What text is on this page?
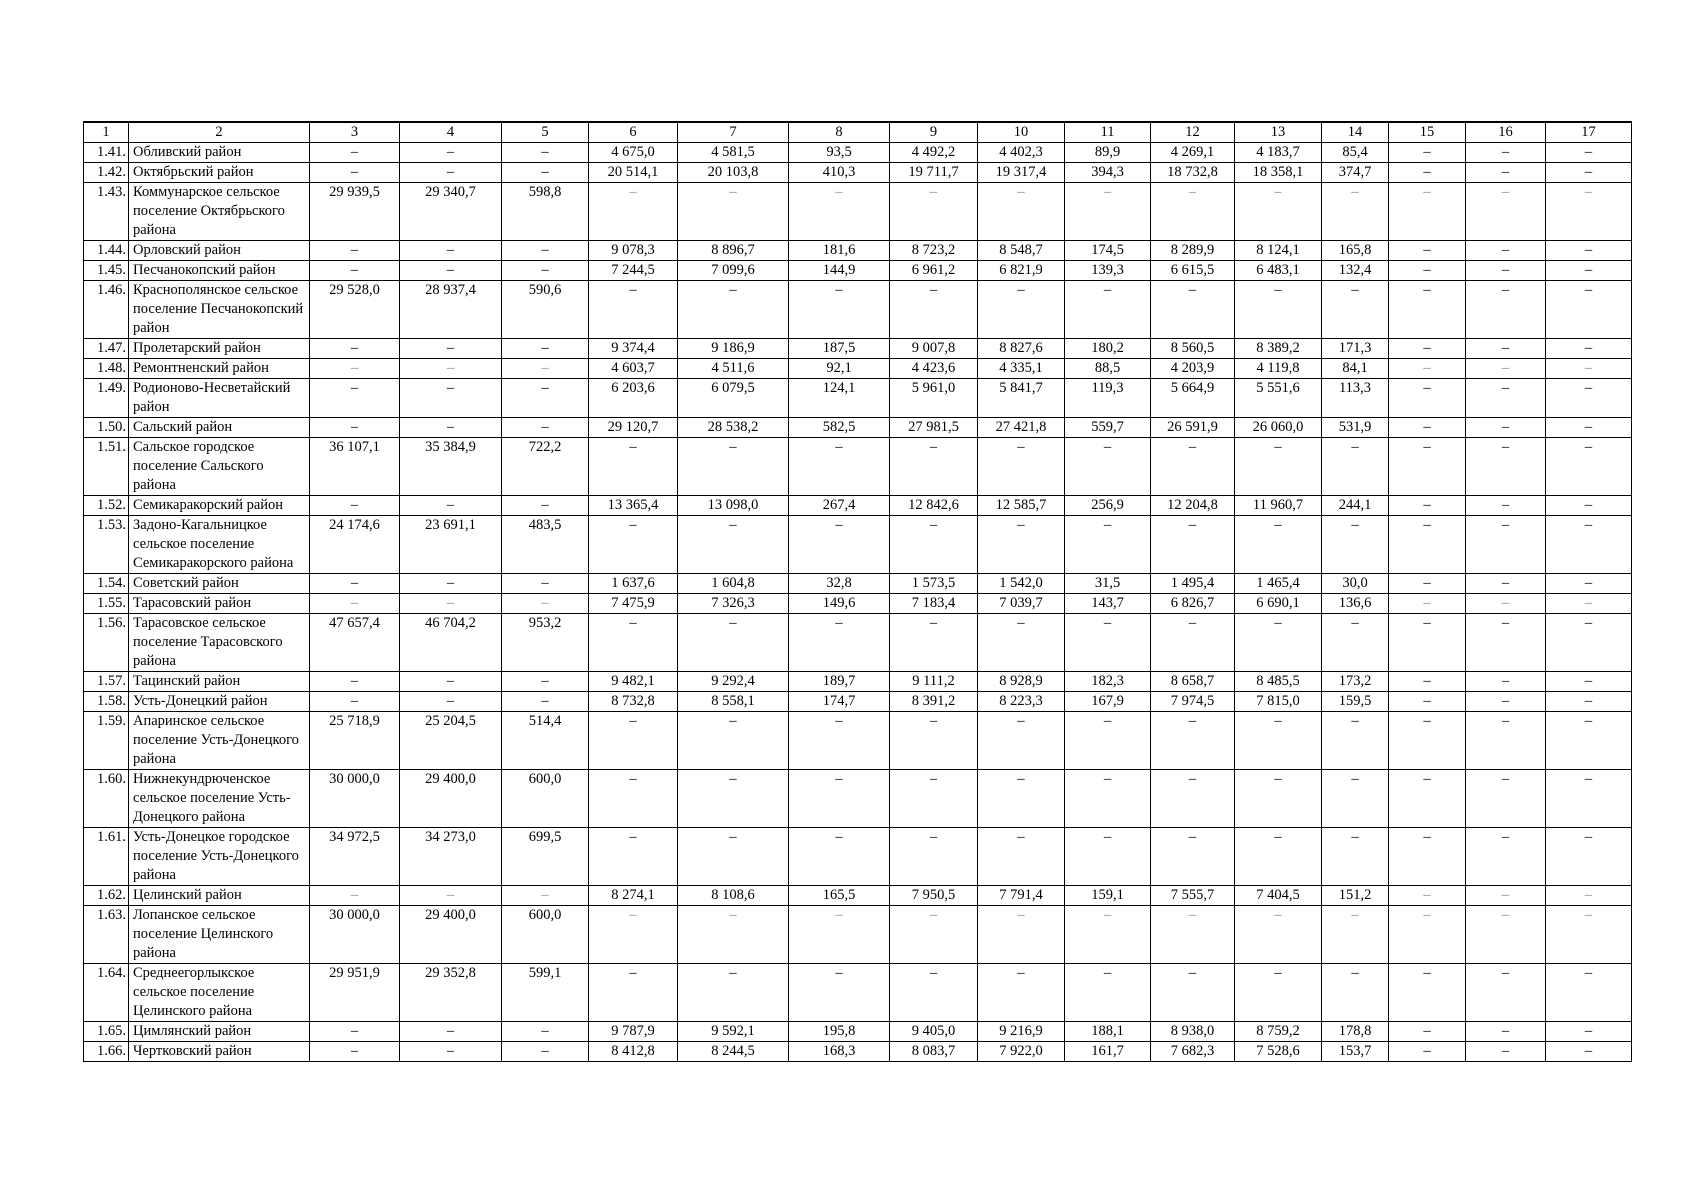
1	2	3	4	5	6	7	8	9	10	11	12	13	14	15	16	17
1.41.	Обливский район	–	–	–	4 675,0	4 581,5	93,5	4 492,2	4 402,3	89,9	4 269,1	4 183,7	85,4	–	–	–
1.42.	Октябрьский район	–	–	–	20 514,1	20 103,8	410,3	19 711,7	19 317,4	394,3	18 732,8	18 358,1	374,7	–	–	–
1.43.	Коммунарское сельское поселение Октябрьского района	29 939,5	29 340,7	598,8	–	–	–	–	–	–	–	–	–	–	–	–
1.44.	Орловский район	–	–	–	9 078,3	8 896,7	181,6	8 723,2	8 548,7	174,5	8 289,9	8 124,1	165,8	–	–	–
1.45.	Песчанокопский район	–	–	–	7 244,5	7 099,6	144,9	6 961,2	6 821,9	139,3	6 615,5	6 483,1	132,4	–	–	–
1.46.	Краснополянское сельское поселение Песчанокопский район	29 528,0	28 937,4	590,6	–	–	–	–	–	–	–	–	–	–	–	–
1.47.	Пролетарский район	–	–	–	9 374,4	9 186,9	187,5	9 007,8	8 827,6	180,2	8 560,5	8 389,2	171,3	–	–	–
1.48.	Ремонтненский район	–	–	–	4 603,7	4 511,6	92,1	4 423,6	4 335,1	88,5	4 203,9	4 119,8	84,1	–	–	–
1.49.	Родионово-Несветайский район	–	–	–	6 203,6	6 079,5	124,1	5 961,0	5 841,7	119,3	5 664,9	5 551,6	113,3	–	–	–
1.50.	Сальский район	–	–	–	29 120,7	28 538,2	582,5	27 981,5	27 421,8	559,7	26 591,9	26 060,0	531,9	–	–	–
1.51.	Сальское городское поселение Сальского района	36 107,1	35 384,9	722,2	–	–	–	–	–	–	–	–	–	–	–	–
1.52.	Семикаракорский район	–	–	–	13 365,4	13 098,0	267,4	12 842,6	12 585,7	256,9	12 204,8	11 960,7	244,1	–	–	–
1.53.	Задоно-Кагальницкое сельское поселение Семикаракорского района	24 174,6	23 691,1	483,5	–	–	–	–	–	–	–	–	–	–	–	–
1.54.	Советский район	–	–	–	1 637,6	1 604,8	32,8	1 573,5	1 542,0	31,5	1 495,4	1 465,4	30,0	–	–	–
1.55.	Тарасовский район	–	–	–	7 475,9	7 326,3	149,6	7 183,4	7 039,7	143,7	6 826,7	6 690,1	136,6	–	–	–
1.56.	Тарасовское сельское поселение Тарасовского района	47 657,4	46 704,2	953,2	–	–	–	–	–	–	–	–	–	–	–	–
1.57.	Тацинский район	–	–	–	9 482,1	9 292,4	189,7	9 111,2	8 928,9	182,3	8 658,7	8 485,5	173,2	–	–	–
1.58.	Усть-Донецкий район	–	–	–	8 732,8	8 558,1	174,7	8 391,2	8 223,3	167,9	7 974,5	7 815,0	159,5	–	–	–
1.59.	Апаринское сельское поселение Усть-Донецкого района	25 718,9	25 204,5	514,4	–	–	–	–	–	–	–	–	–	–	–	–
1.60.	Нижнекундрюченское сельское поселение Усть-Донецкого района	30 000,0	29 400,0	600,0	–	–	–	–	–	–	–	–	–	–	–	–
1.61.	Усть-Донецкое городское поселение Усть-Донецкого района	34 972,5	34 273,0	699,5	–	–	–	–	–	–	–	–	–	–	–	–
1.62.	Целинский район	–	–	–	8 274,1	8 108,6	165,5	7 950,5	7 791,4	159,1	7 555,7	7 404,5	151,2	–	–	–
1.63.	Лопанское сельское поселение Целинского района	30 000,0	29 400,0	600,0	–	–	–	–	–	–	–	–	–	–	–	–
1.64.	Среднеегорлыкское сельское поселение Целинского района	29 951,9	29 352,8	599,1	–	–	–	–	–	–	–	–	–	–	–	–
1.65.	Цимлянский район	–	–	–	9 787,9	9 592,1	195,8	9 405,0	9 216,9	188,1	8 938,0	8 759,2	178,8	–	–	–
1.66.	Чертковский район	–	–	–	8 412,8	8 244,5	168,3	8 083,7	7 922,0	161,7	7 682,3	7 528,6	153,7	–	–	–
